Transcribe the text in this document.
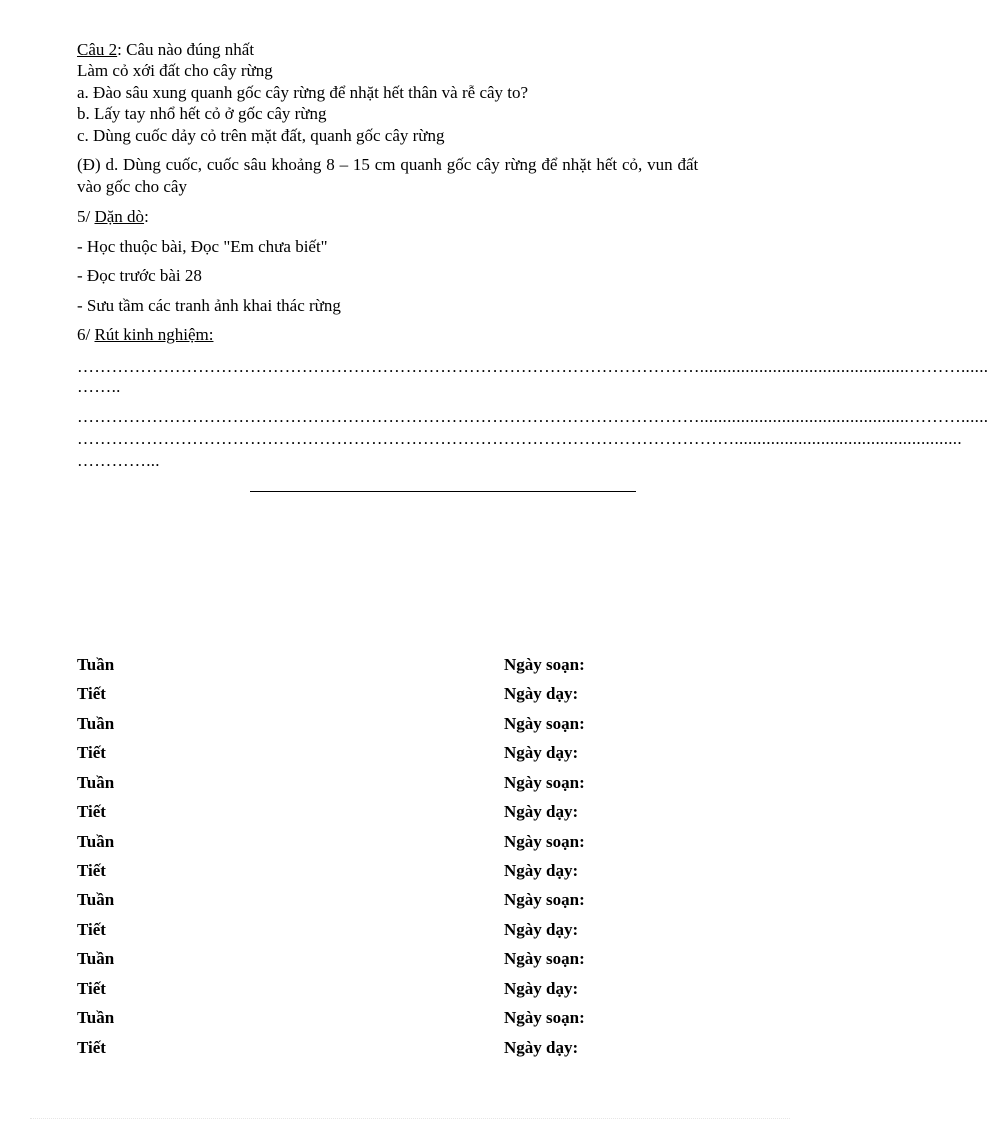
Câu 2: Câu nào đúng nhất
Làm cỏ xới đất cho cây rừng
a. Đào sâu xung quanh gốc cây rừng để nhặt hết thân và rễ cây to?
b. Lấy tay nhổ hết cỏ ở gốc cây rừng
c. Dùng cuốc dảy cỏ trên mặt đất, quanh gốc cây rừng
(Đ) d. Dùng cuốc, cuốc sâu khoảng 8 – 15 cm quanh gốc cây rừng để nhặt hết cỏ, vun đất
vào gốc cho cây
5/ Dặn dò:
- Học thuộc bài, Đọc "Em chưa biết"
- Đọc trước bài 28
- Sưu tầm các tranh ảnh khai thác rừng
6/ Rút kinh nghiệm:
………………………………………………………………………………………………..............................................………......
……..
………………………………………………………………………………………………..............................................………......
……………………………………………………………………………………………………..................................................
…………...
Tuần	Ngày soạn:
Tiết	Ngày dạy:
Tuần	Ngày soạn:
Tiết	Ngày dạy:
Tuần	Ngày soạn:
Tiết	Ngày dạy:
Tuần	Ngày soạn:
Tiết	Ngày dạy:
Tuần	Ngày soạn:
Tiết	Ngày dạy:
Tuần	Ngày soạn:
Tiết	Ngày dạy:
Tuần	Ngày soạn:
Tiết	Ngày dạy:
